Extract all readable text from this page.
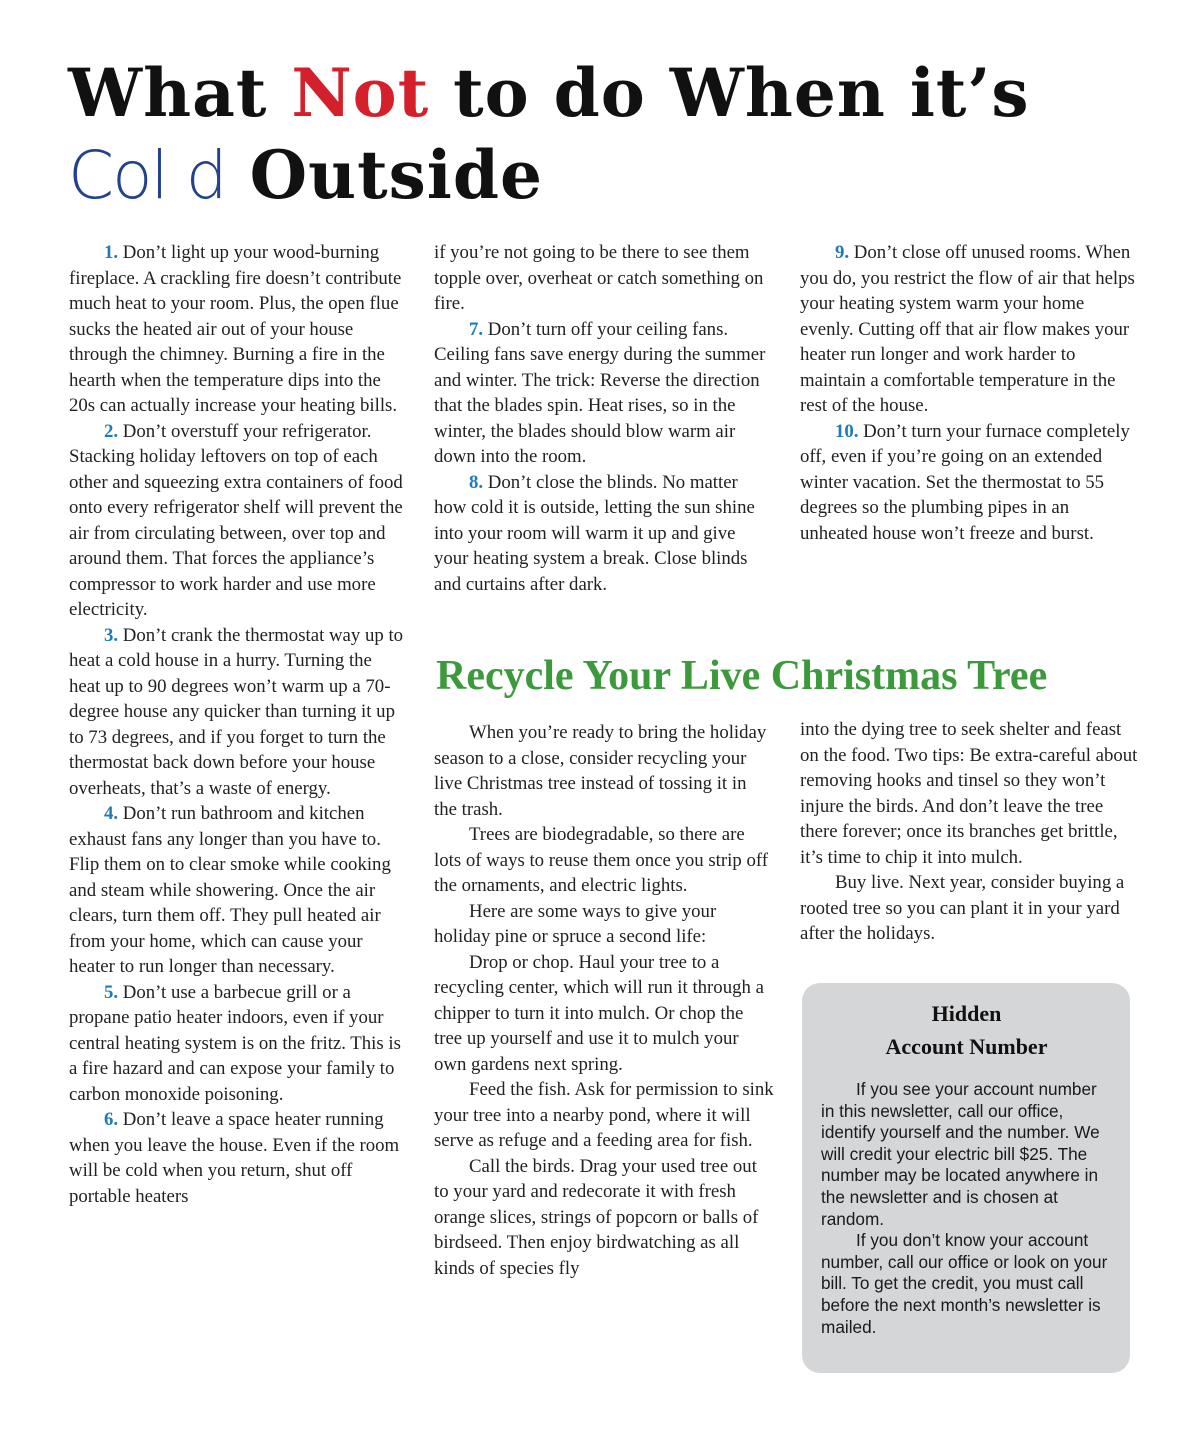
What Not to do When it’s Col d Outside

1. Don’t light up your wood-burning fireplace. A crackling fire doesn’t contribute much heat to your room. Plus, the open flue sucks the heated air out of your house through the chimney. Burning a fire in the hearth when the temperature dips into the 20s can actually increase your heating bills.

2. Don’t overstuff your refrigerator. Stacking holiday leftovers on top of each other and squeezing extra containers of food onto every refrigerator shelf will prevent the air from circulating between, over top and around them. That forces the appliance’s compressor to work harder and use more electricity.

3. Don’t crank the thermostat way up to heat a cold house in a hurry. Turning the heat up to 90 degrees won’t warm up a 70-degree house any quicker than turning it up to 73 degrees, and if you forget to turn the thermostat back down before your house overheats, that’s a waste of energy.

4. Don’t run bathroom and kitchen exhaust fans any longer than you have to. Flip them on to clear smoke while cooking and steam while showering. Once the air clears, turn them off. They pull heated air from your home, which can cause your heater to run longer than necessary.

5. Don’t use a barbecue grill or a propane patio heater indoors, even if your central heating system is on the fritz. This is a fire hazard and can expose your family to carbon monoxide poisoning.

6. Don’t leave a space heater running when you leave the house. Even if the room will be cold when you return, shut off portable heaters

if you’re not going to be there to see them topple over, overheat or catch something on fire.

7. Don’t turn off your ceiling fans. Ceiling fans save energy during the summer and winter. The trick: Reverse the direction that the blades spin. Heat rises, so in the winter, the blades should blow warm air down into the room.

8. Don’t close the blinds. No matter how cold it is outside, letting the sun shine into your room will warm it up and give your heating system a break. Close blinds and curtains after dark.

9. Don’t close off unused rooms. When you do, you restrict the flow of air that helps your heating system warm your home evenly. Cutting off that air flow makes your heater run longer and work harder to maintain a comfortable temperature in the rest of the house.

10. Don’t turn your furnace completely off, even if you’re going on an extended winter vacation. Set the thermostat to 55 degrees so the plumbing pipes in an unheated house won’t freeze and burst.

Recycle Your Live Christmas Tree

When you’re ready to bring the holiday season to a close, consider recycling your live Christmas tree instead of tossing it in the trash.

Trees are biodegradable, so there are lots of ways to reuse them once you strip off the ornaments, and electric lights.

Here are some ways to give your holiday pine or spruce a second life:

Drop or chop. Haul your tree to a recycling center, which will run it through a chipper to turn it into mulch. Or chop the tree up yourself and use it to mulch your own gardens next spring.

Feed the fish. Ask for permission to sink your tree into a nearby pond, where it will serve as refuge and a feeding area for fish.

Call the birds. Drag your used tree out to your yard and redecorate it with fresh orange slices, strings of popcorn or balls of birdseed. Then enjoy birdwatching as all kinds of species fly

into the dying tree to seek shelter and feast on the food. Two tips: Be extra-careful about removing hooks and tinsel so they won’t injure the birds. And don’t leave the tree there forever; once its branches get brittle, it’s time to chip it into mulch.

Buy live. Next year, consider buying a rooted tree so you can plant it in your yard after the holidays.

Hidden
Account Number

If you see your account number in this newsletter, call our office, identify yourself and the number. We will credit your electric bill $25. The number may be located anywhere in the newsletter and is chosen at random.

If you don’t know your account number, call our office or look on your bill. To get the credit, you must call before the next month’s newsletter is mailed.
